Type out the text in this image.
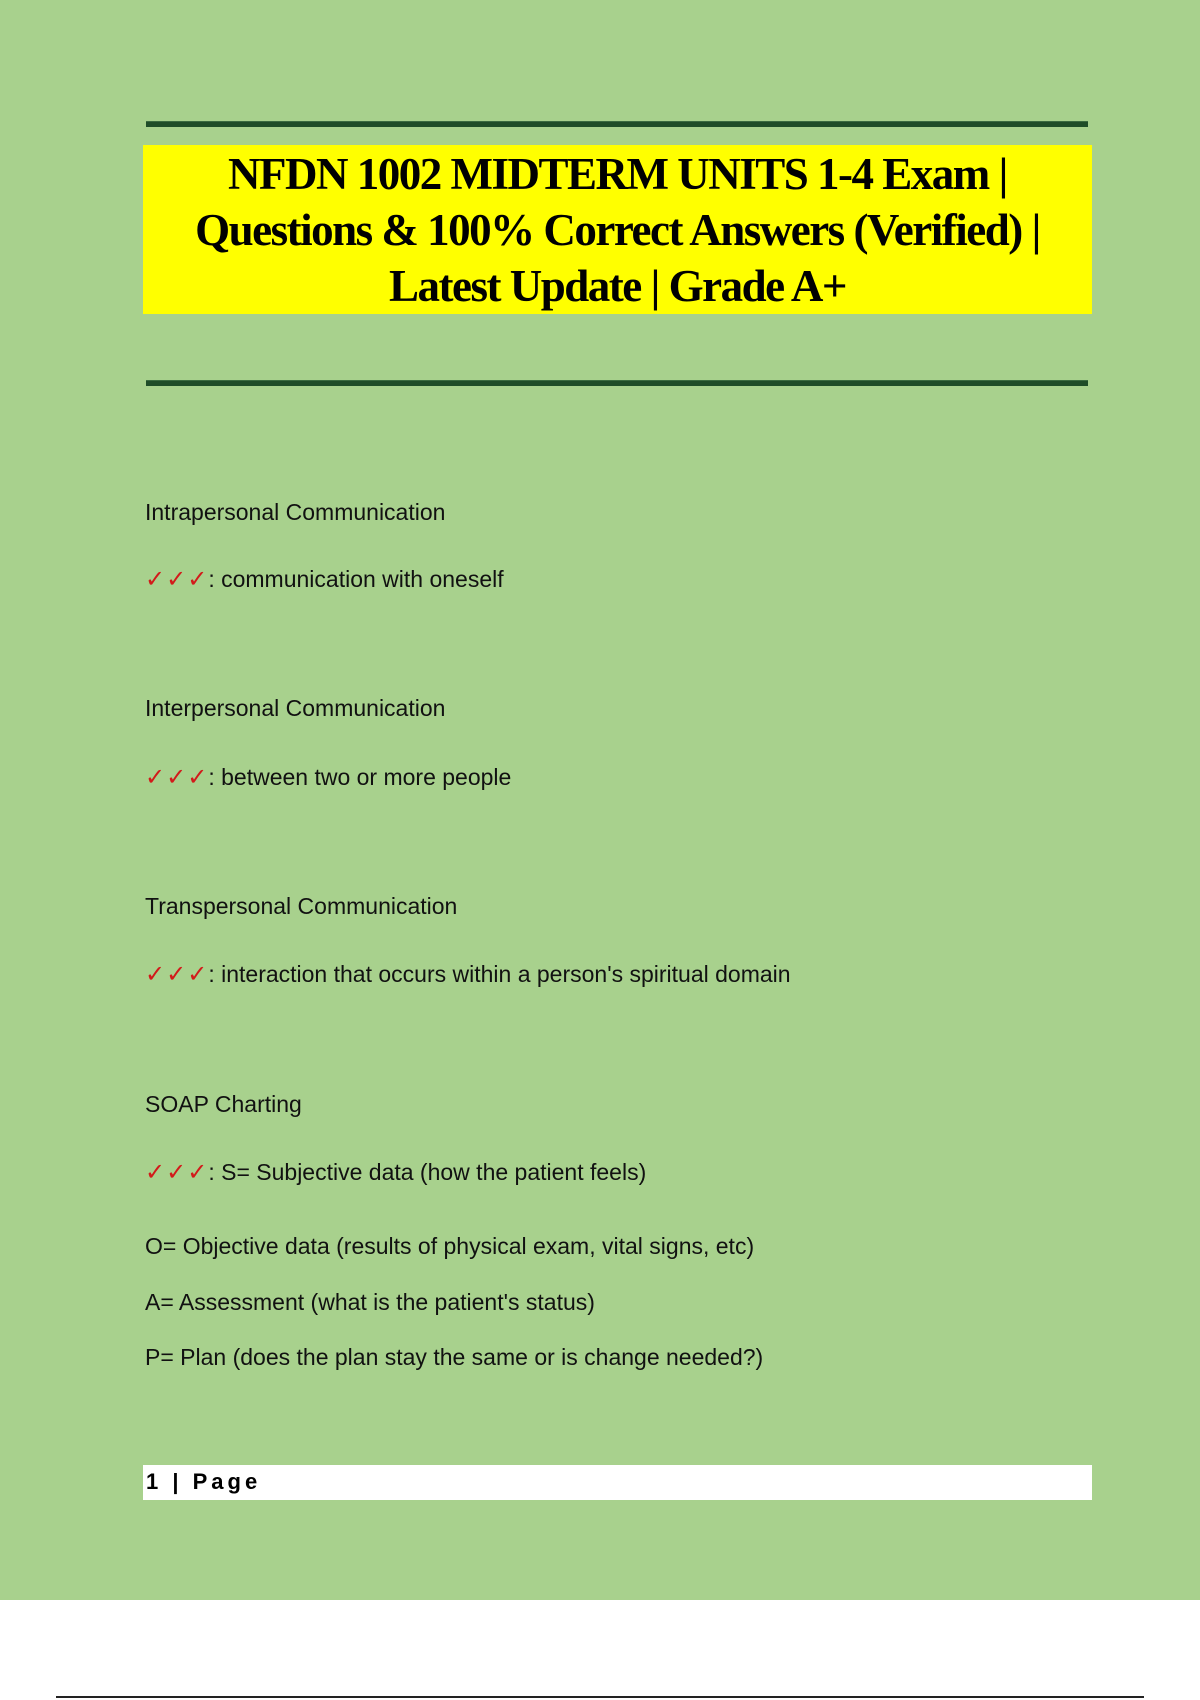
NFDN 1002 MIDTERM UNITS 1-4 Exam | Questions & 100% Correct Answers (Verified) | Latest Update | Grade A+

Intrapersonal Communication
✓✓✓: communication with oneself
Interpersonal Communication
✓✓✓: between two or more people
Transpersonal Communication
✓✓✓: interaction that occurs within a person's spiritual domain
SOAP Charting
✓✓✓: S= Subjective data (how the patient feels)
O= Objective data (results of physical exam, vital signs, etc)
A= Assessment (what is the patient's status)
P= Plan (does the plan stay the same or is change needed?)
1 | Page
